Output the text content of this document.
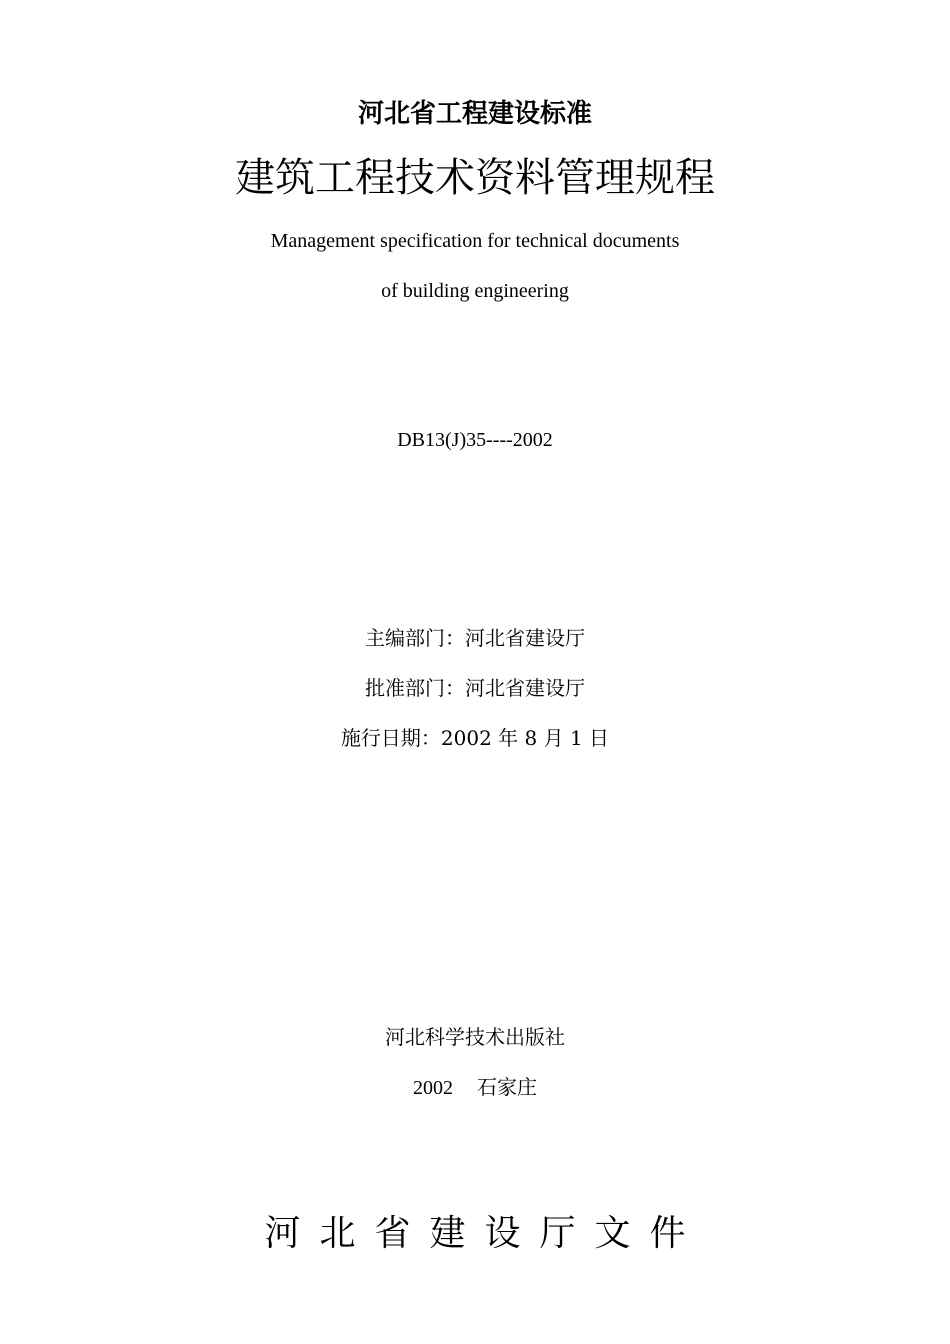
河北省工程建设标准
建筑工程技术资料管理规程
Management specification for technical documents
of building engineering
DB13(J)35----2002
主编部门：河北省建设厅
批准部门：河北省建设厅
施行日期：2002 年 8 月 1 日
河北科学技术出版社
2002 石家庄
河北省建设厅文件
